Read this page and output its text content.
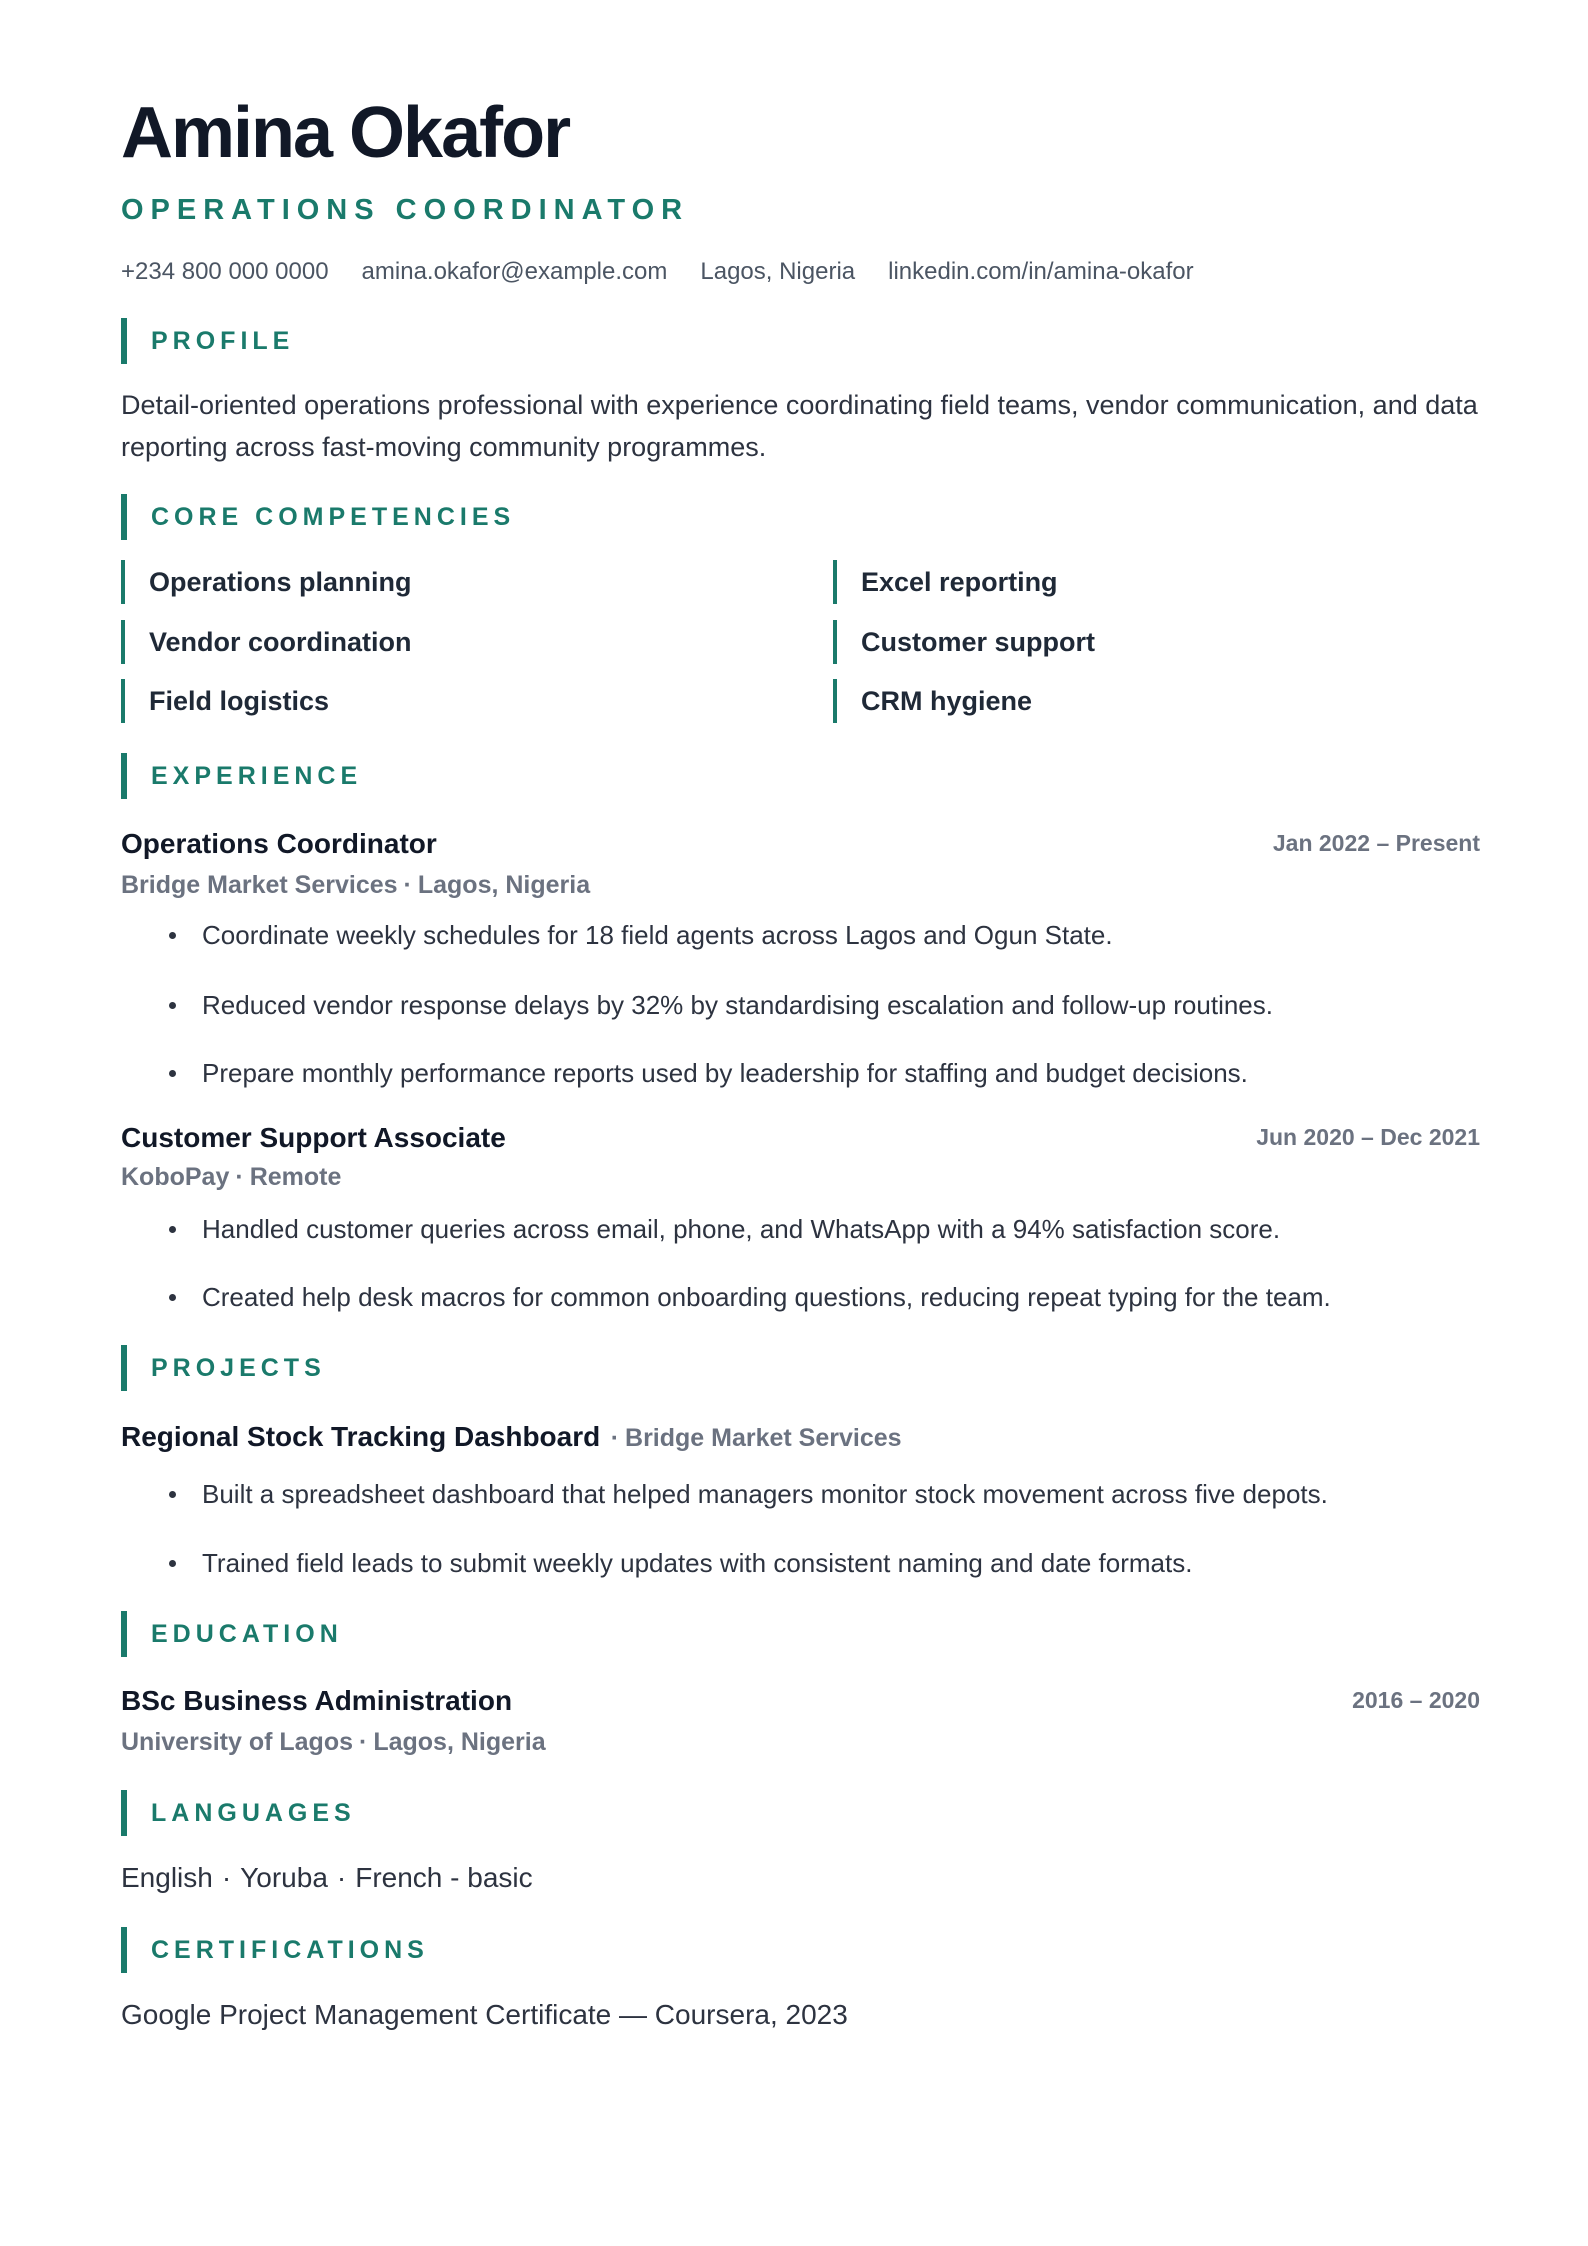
Amina Okafor
OPERATIONS COORDINATOR
+234 800 000 0000 amina.okafor@example.com Lagos, Nigeria linkedin.com/in/amina-okafor
PROFILE
Detail-oriented operations professional with experience coordinating field teams, vendor communication, and data reporting across fast-moving community programmes.
CORE COMPETENCIES
Operations planning
Vendor coordination
Field logistics
Excel reporting
Customer support
CRM hygiene
EXPERIENCE
Operations Coordinator	Jan 2022 – Present
Bridge Market Services · Lagos, Nigeria
Coordinate weekly schedules for 18 field agents across Lagos and Ogun State.
Reduced vendor response delays by 32% by standardising escalation and follow-up routines.
Prepare monthly performance reports used by leadership for staffing and budget decisions.
Customer Support Associate	Jun 2020 – Dec 2021
KoboPay · Remote
Handled customer queries across email, phone, and WhatsApp with a 94% satisfaction score.
Created help desk macros for common onboarding questions, reducing repeat typing for the team.
PROJECTS
Regional Stock Tracking Dashboard · Bridge Market Services
Built a spreadsheet dashboard that helped managers monitor stock movement across five depots.
Trained field leads to submit weekly updates with consistent naming and date formats.
EDUCATION
BSc Business Administration	2016 – 2020
University of Lagos · Lagos, Nigeria
LANGUAGES
English · Yoruba · French - basic
CERTIFICATIONS
Google Project Management Certificate — Coursera, 2023
